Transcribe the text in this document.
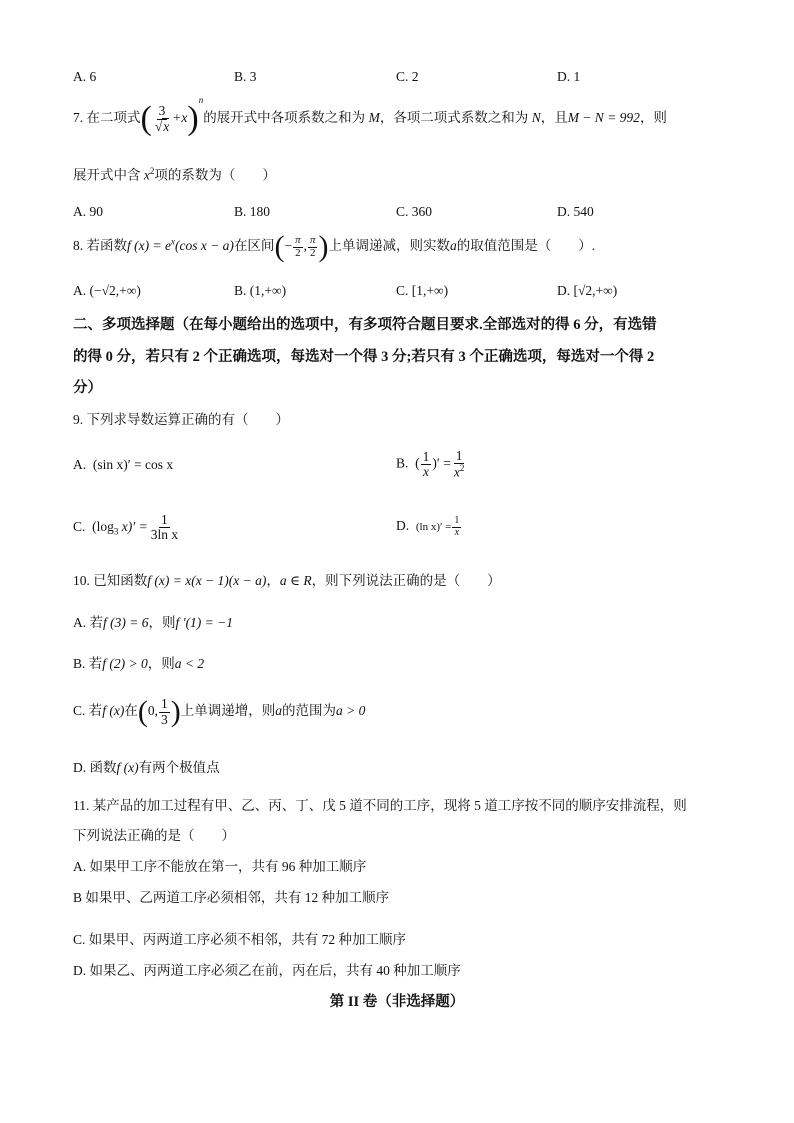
A. 6	B. 3	C. 2	D. 1
7. 在二项式( $\frac{3}{√x} +x)^n$的展开式中各项系数之和为 M，各项二项式系数之和为 N，且M − N = 992，则
展开式中含 $x^2$项的系数为（　　）
A. 90	B. 180	C. 360	D. 540
8. 若函数f $(x) = e^x(\cos$ x − a)在区间(− $\frac{\pi}{2}$ , $\frac{\pi}{2}$ )上单调递减，则实数a的取值范围是（　　）.
A. (−√2,+∞)	B. (1,+∞)	C. [1,+∞)	D. [√2,+∞)
二、多项选择题（在每小题给出的选项中，有多项符合题目要求.全部选对的得 6 分，有选错
的得 0 分，若只有 2 个正确选项，每选对一个得 3 分;若只有 3 个正确选项，每选对一个得 2
分）
9. 下列求导数运算正确的有（　　）
A. (sin x)′ = cos x	B. ( $\frac{1}{x}$ )′ = $\frac{1}{x^2}$
C. ($\log_3$ $x)' = \frac{1}{\text{3ln x}}$	D. (ln $x)' = \frac{1}{x}$
10. 已知函数f (x) = x(x − 1)(x − a)，a ∈ R，则下列说法正确的是（　　）
A. 若f (3) = 6，则f ′(1) = −1
B. 若f (2) > 0，则a < 2
C. 若f (x)在(0, $\frac{1}{3}$ )上单调递增，则a的范围为a > 0
D. 函数f (x)有两个极值点
11. 某产品的加工过程有甲、乙、丙、丁、戊 5 道不同的工序，现将 5 道工序按不同的顺序安排流程，则
下列说法正确的是（　　）
A. 如果甲工序不能放在第一，共有 96 种加工顺序
B 如果甲、乙两道工序必须相邻，共有 12 种加工顺序
C. 如果甲、丙两道工序必须不相邻，共有 72 种加工顺序
D. 如果乙、丙两道工序必须乙在前，丙在后，共有 40 种加工顺序
第 II 卷（非选择题）
